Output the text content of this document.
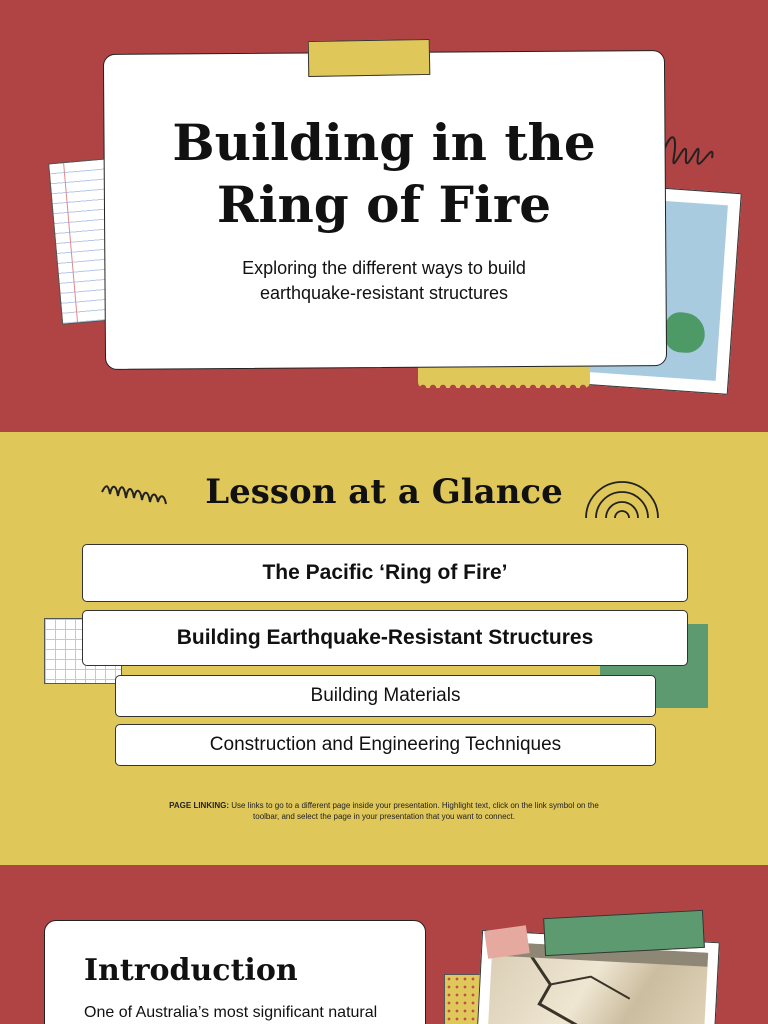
Building in the
Ring of Fire
Exploring the different ways to build
earthquake-resistant structures
Lesson at a Glance
The Pacific ‘Ring of Fire’
Building Earthquake-Resistant Structures
Building Materials
Construction and Engineering Techniques
PAGE LINKING: Use links to go to a different page inside your presentation. Highlight text, click on the link symbol on the toolbar, and select the page in your presentation that you want to connect.
Introduction
One of Australia’s most significant natural
